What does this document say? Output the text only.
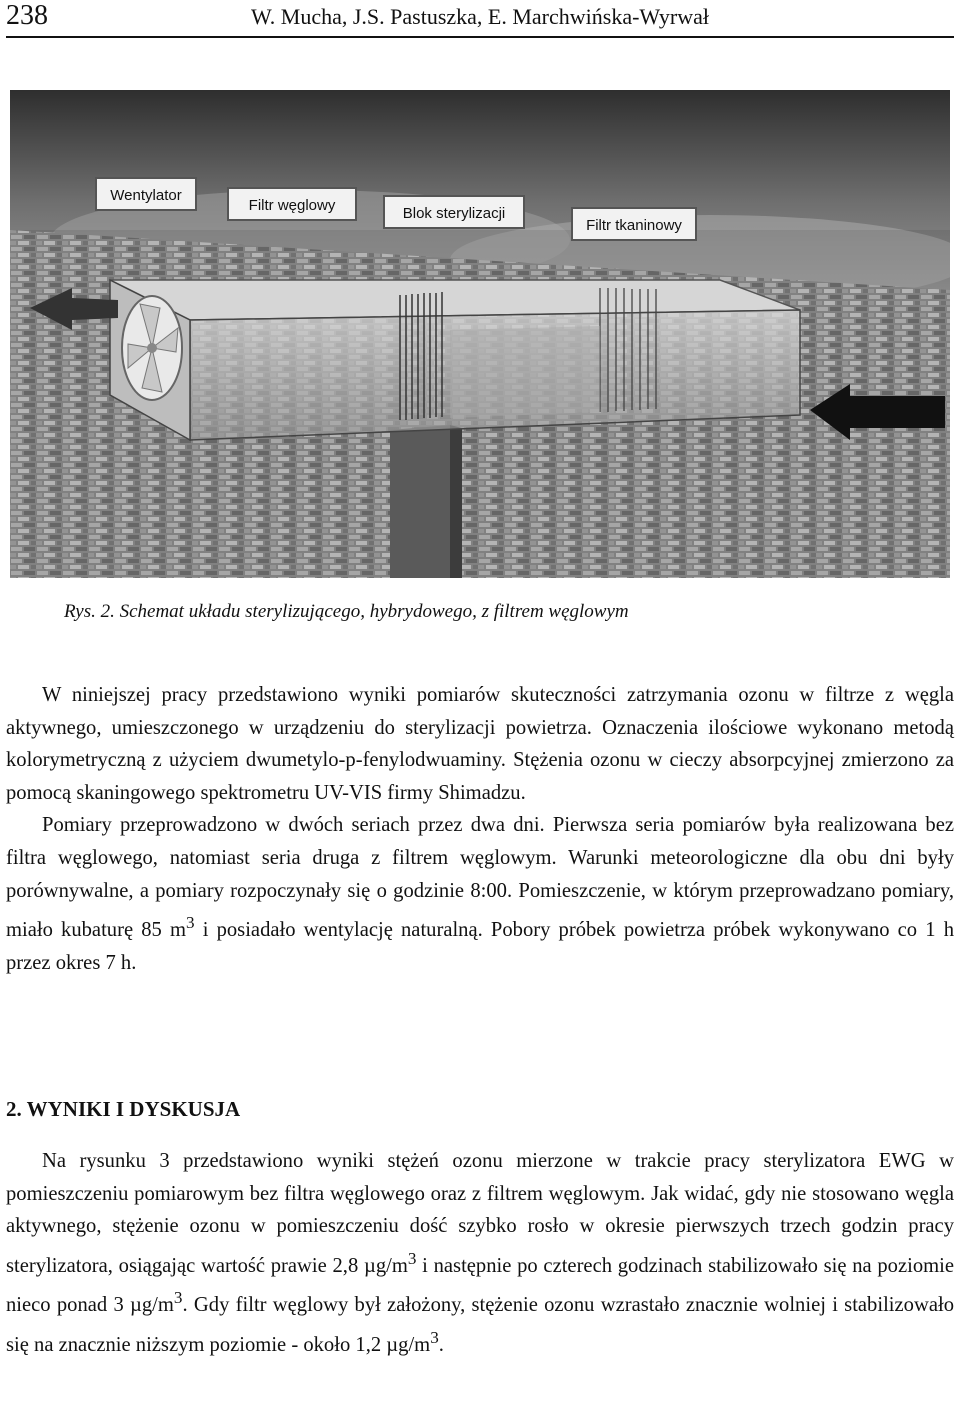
238	W. Mucha, J.S. Pastuszka, E. Marchwińska-Wyrwał
Wentylator
Filtr węglowy	Blok sterylizacji
Filtr tkaninowy
Rys. 2. Schemat układu sterylizującego, hybrydowego, z filtrem węglowym

W niniejszej pracy przedstawiono wyniki pomiarów skuteczności zatrzymania ozonu w filtrze z węgla aktywnego, umieszczonego w urządzeniu do sterylizacji powietrza. Oznaczenia ilościowe wykonano metodą kolorymetryczną z użyciem dwumetylo-p-fenylodwuaminy. Stężenia ozonu w cieczy absorpcyjnej zmierzono za pomocą skaningowego spektrometru UV-VIS firmy Shimadzu.

Pomiary przeprowadzono w dwóch seriach przez dwa dni. Pierwsza seria pomiarów była realizowana bez filtra węglowego, natomiast seria druga z filtrem węglowym. Warunki meteorologiczne dla obu dni były porównywalne, a pomiary rozpoczynały się o godzinie 8:00. Pomieszczenie, w którym przeprowadzano pomiary, miało kubaturę 85 $m^3$ i posiadało wentylację naturalną. Pobory próbek powietrza próbek wykonywano co 1 h przez okres 7 h.

2. WYNIKI I DYSKUSJA

Na rysunku 3 przedstawiono wyniki stężeń ozonu mierzone w trakcie pracy sterylizatora EWG w pomieszczeniu pomiarowym bez filtra węglowego oraz z filtrem węglowym. Jak widać, gdy nie stosowano węgla aktywnego, stężenie ozonu w pomieszczeniu dość szybko rosło w okresie pierwszych trzech godzin pracy sterylizatora, osiągając wartość prawie 2,8 $\mu g/m^3$ i następnie po czterech godzinach stabilizowało się na poziomie nieco ponad 3 $\mu g/m^3$. Gdy filtr węglowy był założony, stężenie ozonu wzrastało znacznie wolniej i stabilizowało się na znacznie niższym poziomie - około 1,2 $\mu g/m^3$.
